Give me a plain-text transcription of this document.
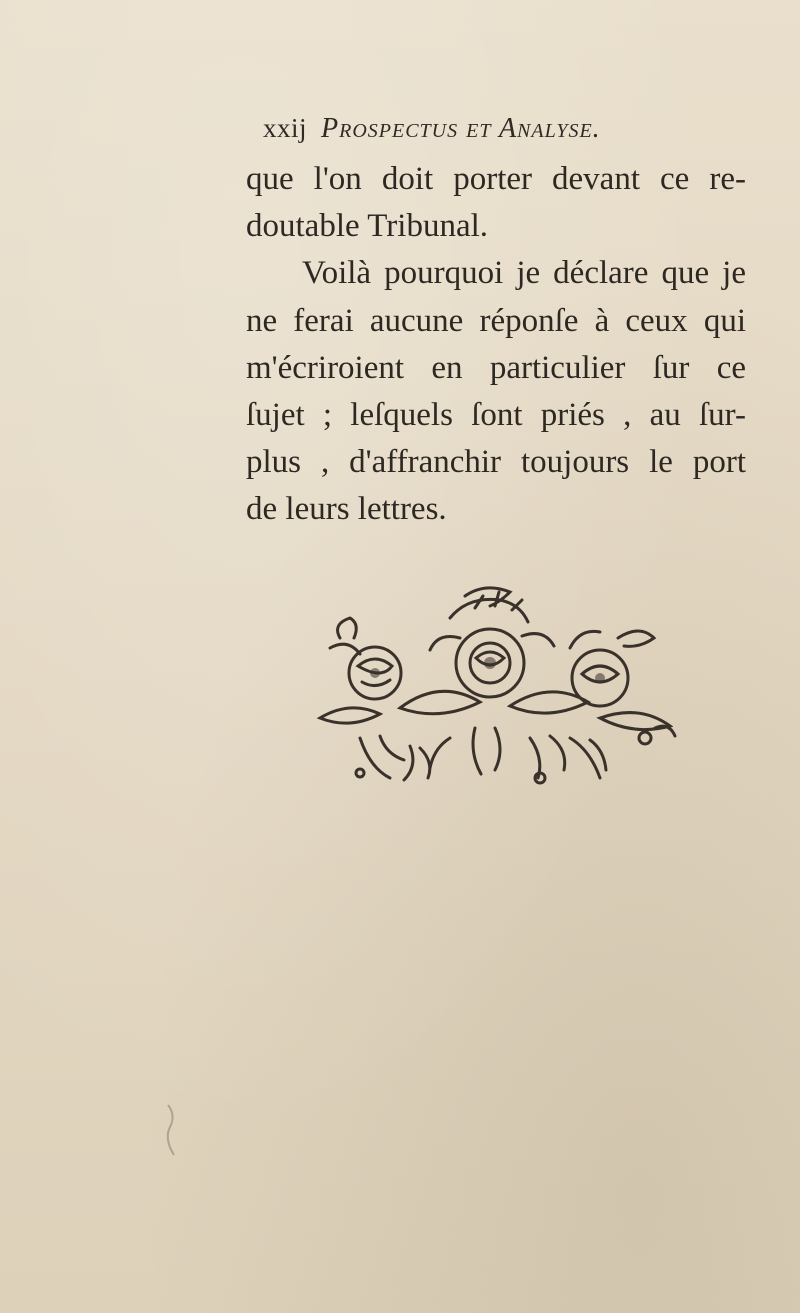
xxij Prospectus et Analyse.
que l'on doit porter devant ce re-
doutable Tribunal.
Voilà pourquoi je déclare que je
ne ferai aucune réponſe à ceux qui
m'écriroient en particulier ſur ce
ſujet ; leſquels ſont priés , au ſur-
plus , d'affranchir toujours le port
de leurs lettres.
